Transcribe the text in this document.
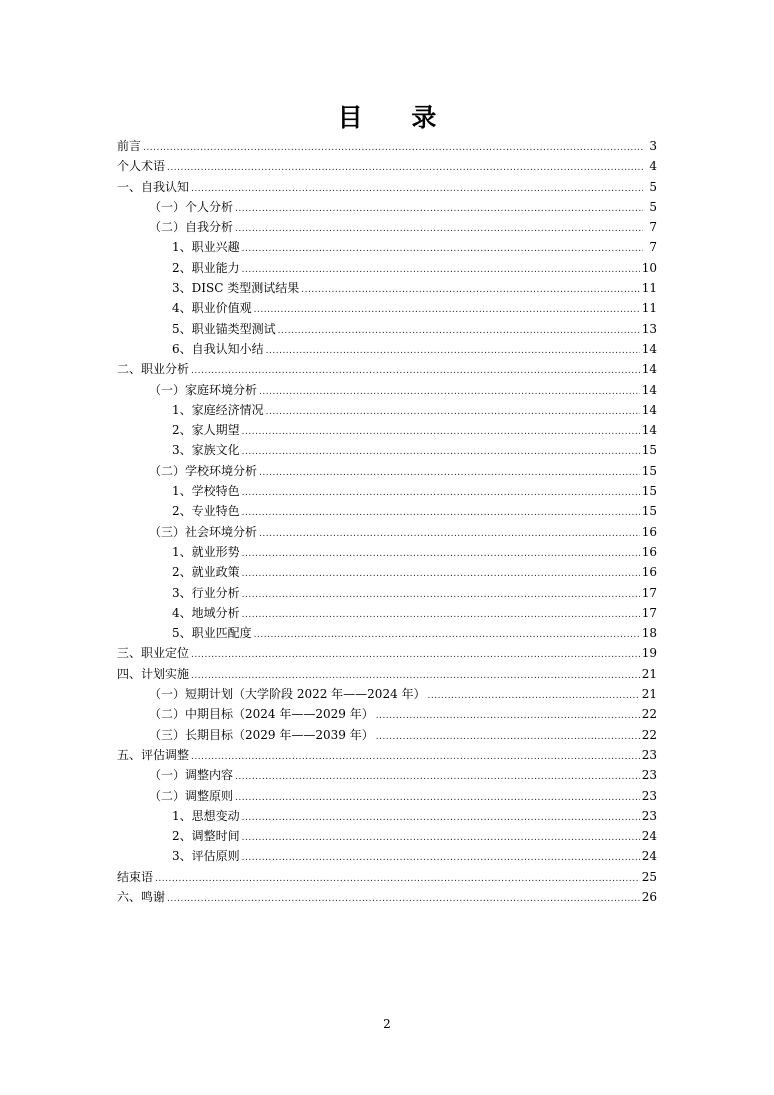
目 录
前言 .....	3
个人术语 .....	4
一、自我认知 .....	5
（一）个人分析 .....	5
（二）自我分析 .....	7
1、职业兴趣 .....	7
2、职业能力 .....	10
3、DISC 类型测试结果 .....	11
4、职业价值观 .....	11
5、职业锚类型测试 .....	13
6、自我认知小结 .....	14
二、职业分析 .....	14
（一）家庭环境分析 .....	14
1、家庭经济情况 .....	14
2、家人期望 .....	14
3、家族文化 .....	15
（二）学校环境分析 .....	15
1、学校特色 .....	15
2、专业特色 .....	15
（三）社会环境分析 .....	16
1、就业形势 .....	16
2、就业政策 .....	16
3、行业分析 .....	17
4、地域分析 .....	17
5、职业匹配度 .....	18
三、职业定位 .....	19
四、计划实施 .....	21
（一）短期计划（大学阶段 2022 年——2024 年） .....	21
（二）中期目标（2024 年——2029 年） .....	22
（三）长期目标（2029 年——2039 年） .....	22
五、评估调整 .....	23
（一）调整内容 .....	23
（二）调整原则 .....	23
1、思想变动 .....	23
2、调整时间 .....	24
3、评估原则 .....	24
结束语 .....	25
六、鸣谢 .....	26
2
